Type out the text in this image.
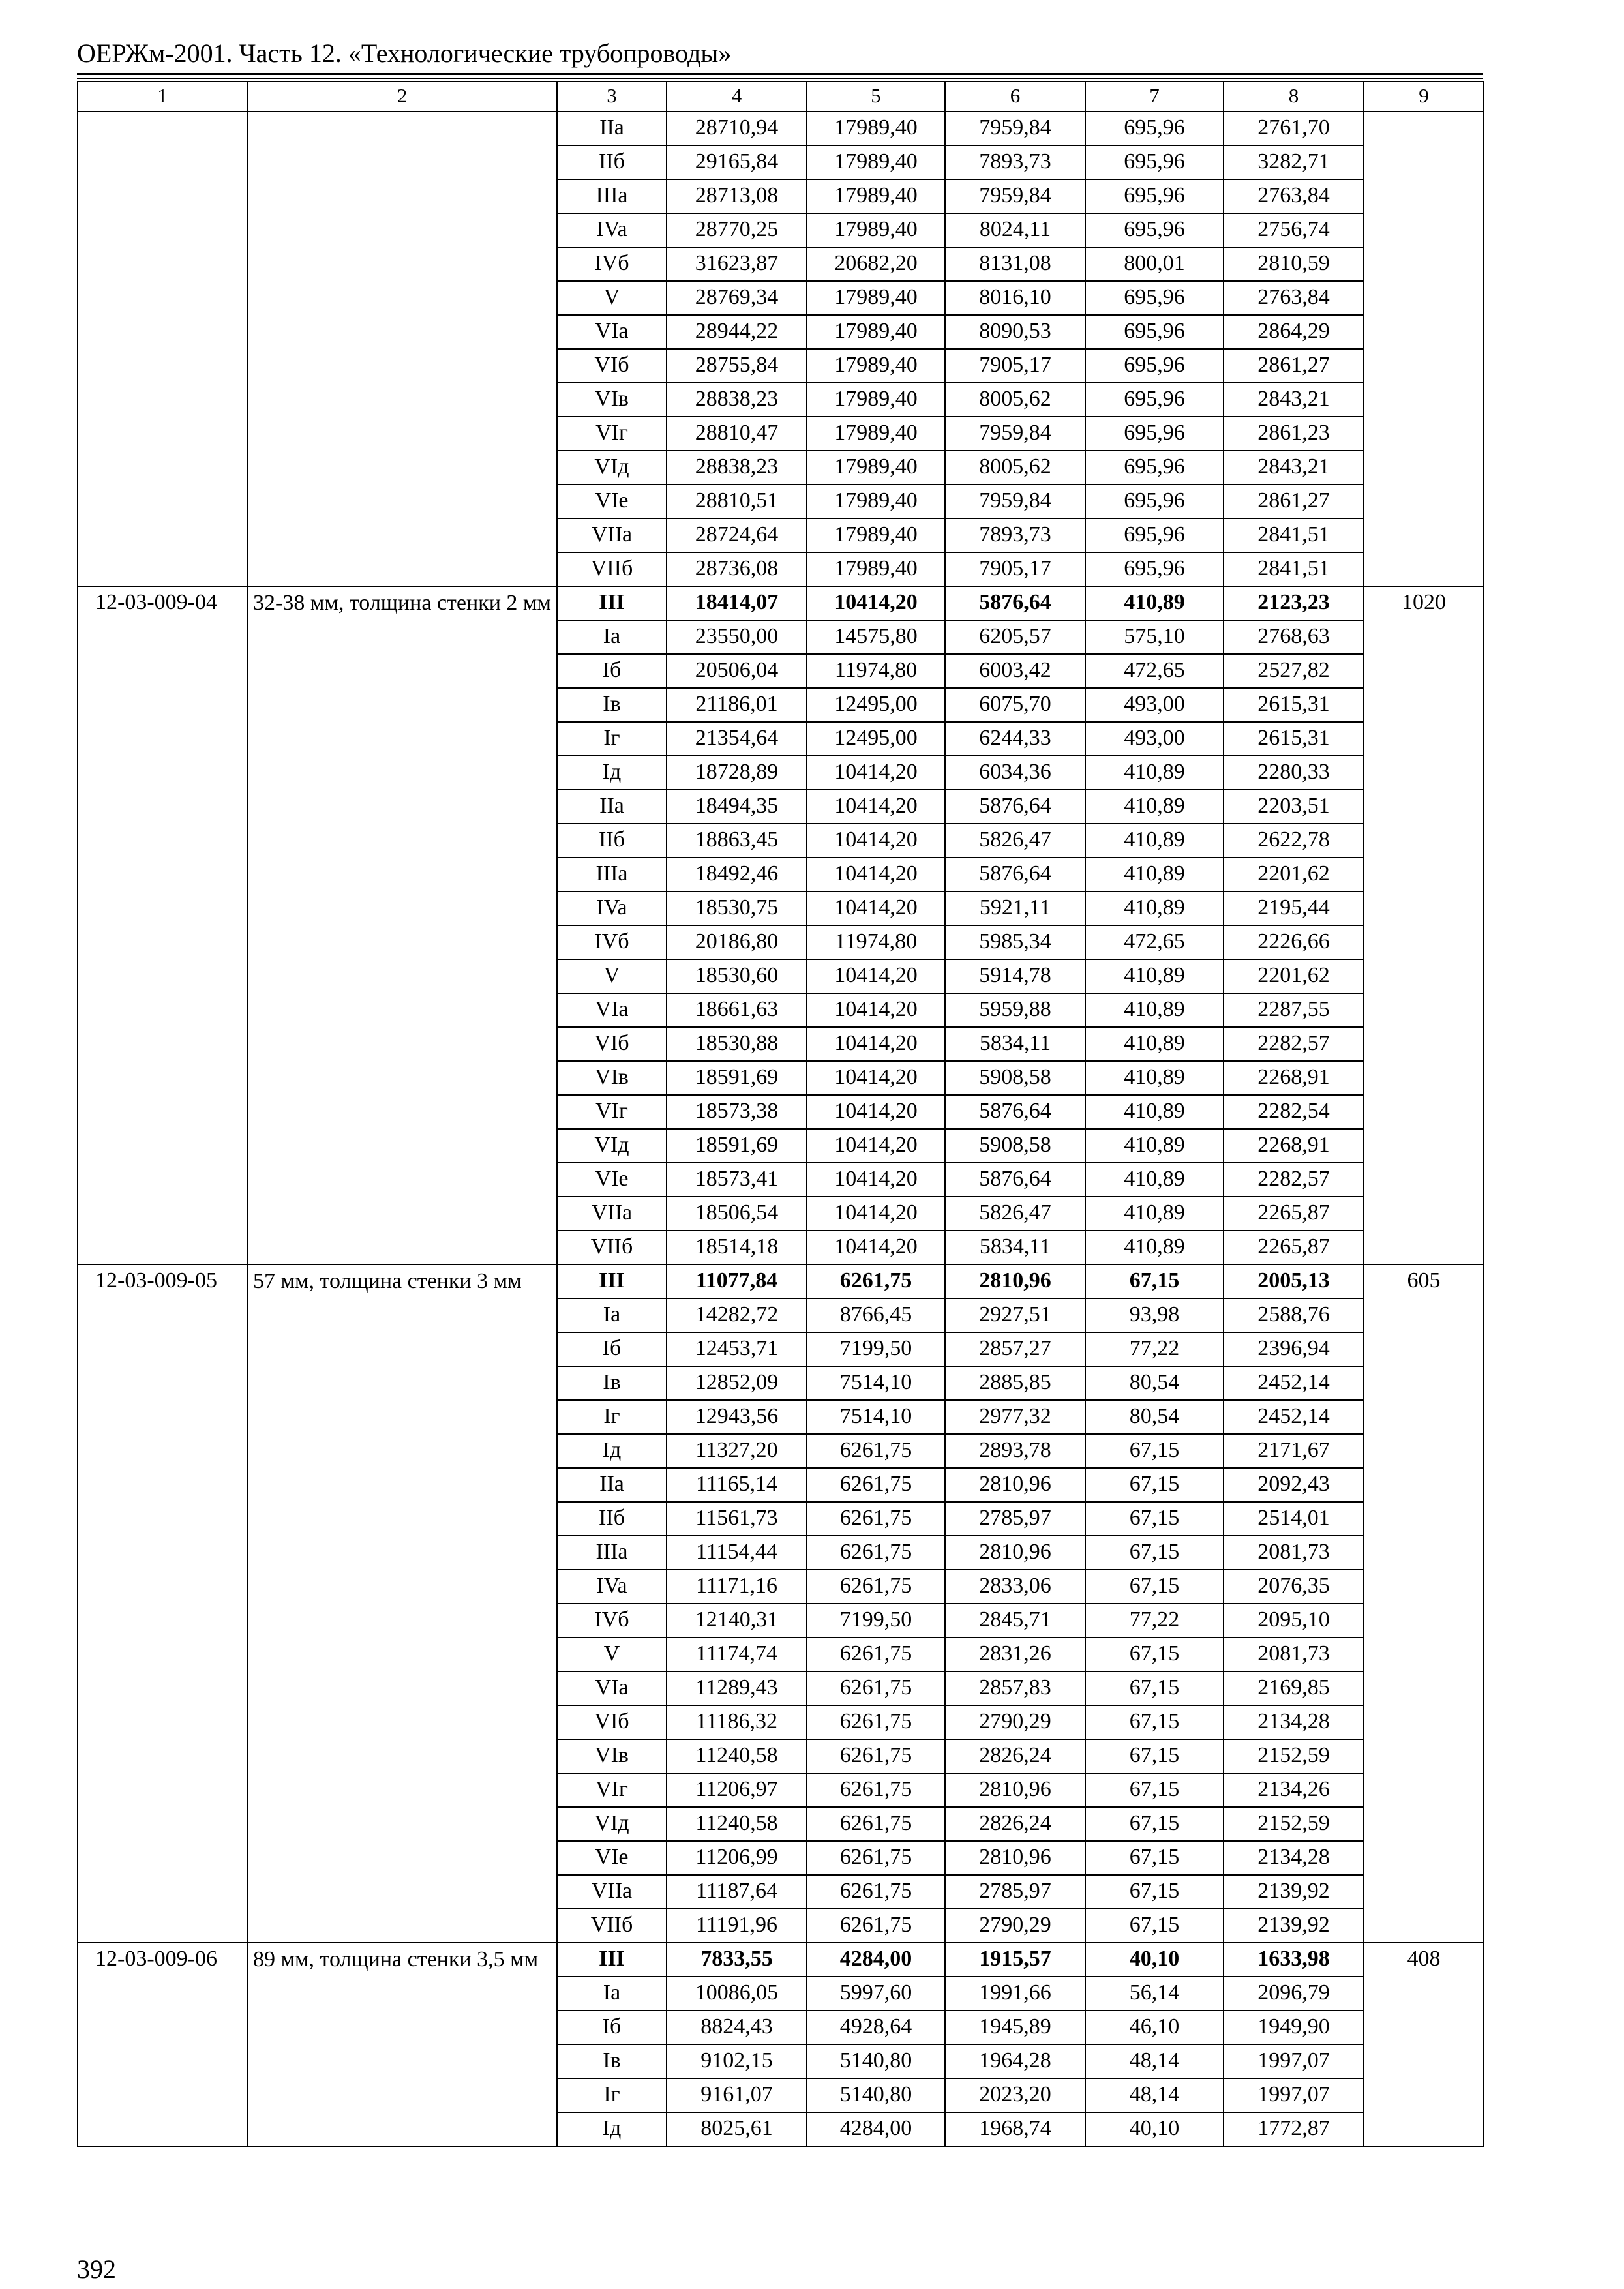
ОЕРЖм-2001. Часть 12. «Технологические трубопроводы»
1	2	3	4	5	6	7	8	9
		IIa	28710,94	17989,40	7959,84	695,96	2761,70	
		IIб	29165,84	17989,40	7893,73	695,96	3282,71	
		IIIa	28713,08	17989,40	7959,84	695,96	2763,84	
		IVa	28770,25	17989,40	8024,11	695,96	2756,74	
		IVб	31623,87	20682,20	8131,08	800,01	2810,59	
		V	28769,34	17989,40	8016,10	695,96	2763,84	
		VIa	28944,22	17989,40	8090,53	695,96	2864,29	
		VIб	28755,84	17989,40	7905,17	695,96	2861,27	
		VIв	28838,23	17989,40	8005,62	695,96	2843,21	
		VIг	28810,47	17989,40	7959,84	695,96	2861,23	
		VIд	28838,23	17989,40	8005,62	695,96	2843,21	
		VIe	28810,51	17989,40	7959,84	695,96	2861,27	
		VIIa	28724,64	17989,40	7893,73	695,96	2841,51	
		VIIб	28736,08	17989,40	7905,17	695,96	2841,51	
12-03-009-04	32-38 мм, толщина стенки 2 мм	III	18414,07	10414,20	5876,64	410,89	2123,23	1020
		Ia	23550,00	14575,80	6205,57	575,10	2768,63	
		Iб	20506,04	11974,80	6003,42	472,65	2527,82	
		Iв	21186,01	12495,00	6075,70	493,00	2615,31	
		Iг	21354,64	12495,00	6244,33	493,00	2615,31	
		Iд	18728,89	10414,20	6034,36	410,89	2280,33	
		IIa	18494,35	10414,20	5876,64	410,89	2203,51	
		IIб	18863,45	10414,20	5826,47	410,89	2622,78	
		IIIa	18492,46	10414,20	5876,64	410,89	2201,62	
		IVa	18530,75	10414,20	5921,11	410,89	2195,44	
		IVб	20186,80	11974,80	5985,34	472,65	2226,66	
		V	18530,60	10414,20	5914,78	410,89	2201,62	
		VIa	18661,63	10414,20	5959,88	410,89	2287,55	
		VIб	18530,88	10414,20	5834,11	410,89	2282,57	
		VIв	18591,69	10414,20	5908,58	410,89	2268,91	
		VIг	18573,38	10414,20	5876,64	410,89	2282,54	
		VIд	18591,69	10414,20	5908,58	410,89	2268,91	
		VIe	18573,41	10414,20	5876,64	410,89	2282,57	
		VIIa	18506,54	10414,20	5826,47	410,89	2265,87	
		VIIб	18514,18	10414,20	5834,11	410,89	2265,87	
12-03-009-05	57 мм, толщина стенки 3 мм	III	11077,84	6261,75	2810,96	67,15	2005,13	605
		Ia	14282,72	8766,45	2927,51	93,98	2588,76	
		Iб	12453,71	7199,50	2857,27	77,22	2396,94	
		Iв	12852,09	7514,10	2885,85	80,54	2452,14	
		Iг	12943,56	7514,10	2977,32	80,54	2452,14	
		Iд	11327,20	6261,75	2893,78	67,15	2171,67	
		IIa	11165,14	6261,75	2810,96	67,15	2092,43	
		IIб	11561,73	6261,75	2785,97	67,15	2514,01	
		IIIa	11154,44	6261,75	2810,96	67,15	2081,73	
		IVa	11171,16	6261,75	2833,06	67,15	2076,35	
		IVб	12140,31	7199,50	2845,71	77,22	2095,10	
		V	11174,74	6261,75	2831,26	67,15	2081,73	
		VIa	11289,43	6261,75	2857,83	67,15	2169,85	
		VIб	11186,32	6261,75	2790,29	67,15	2134,28	
		VIв	11240,58	6261,75	2826,24	67,15	2152,59	
		VIг	11206,97	6261,75	2810,96	67,15	2134,26	
		VIд	11240,58	6261,75	2826,24	67,15	2152,59	
		VIe	11206,99	6261,75	2810,96	67,15	2134,28	
		VIIa	11187,64	6261,75	2785,97	67,15	2139,92	
		VIIб	11191,96	6261,75	2790,29	67,15	2139,92	
12-03-009-06	89 мм, толщина стенки 3,5 мм	III	7833,55	4284,00	1915,57	40,10	1633,98	408
		Ia	10086,05	5997,60	1991,66	56,14	2096,79	
		Iб	8824,43	4928,64	1945,89	46,10	1949,90	
		Iв	9102,15	5140,80	1964,28	48,14	1997,07	
		Iг	9161,07	5140,80	2023,20	48,14	1997,07	
		Iд	8025,61	4284,00	1968,74	40,10	1772,87	
392
